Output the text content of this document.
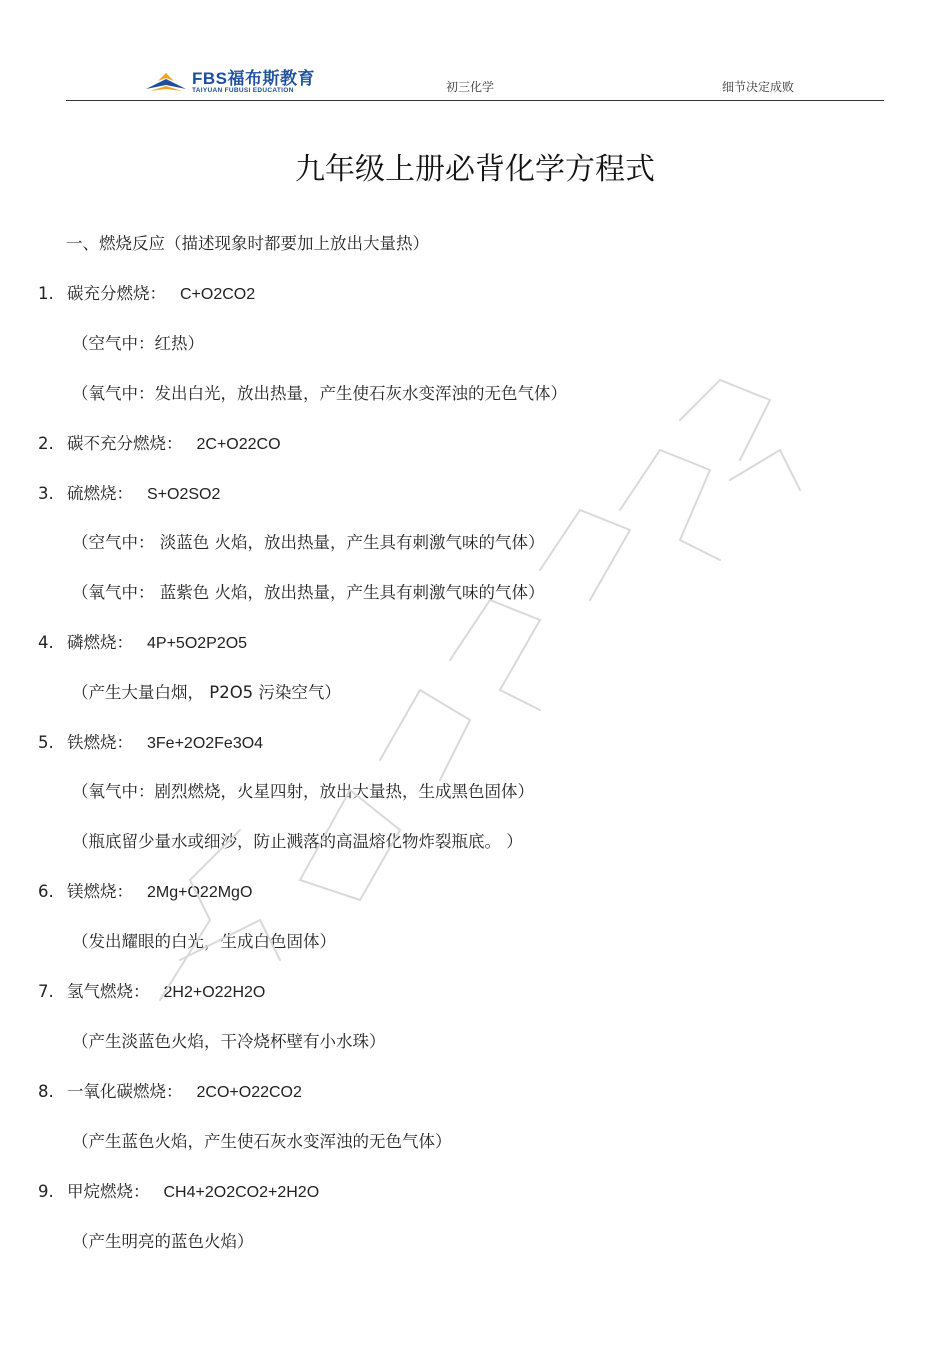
FBS福布斯教育
TAIYUAN FUBUSI EDUCATION	初三化学	细节决定成败
九年级上册必背化学方程式
一、燃烧反应（描述现象时都要加上放出大量热）
1. 碳充分燃烧： C+O2CO2
（空气中：红热）
（氧气中：发出白光，放出热量，产生使石灰水变浑浊的无色气体）
2. 碳不充分燃烧： 2C+O22CO
3. 硫燃烧： S+O2SO2
（空气中： 淡蓝色 火焰，放出热量，产生具有刺激气味的气体）
（氧气中： 蓝紫色 火焰，放出热量，产生具有刺激气味的气体）
4. 磷燃烧： 4P+5O2P2O5
（产生大量白烟， P2O5 污染空气）
5. 铁燃烧： 3Fe+2O2Fe3O4
（氧气中：剧烈燃烧，火星四射，放出大量热，生成黑色固体）
（瓶底留少量水或细沙，防止溅落的高温熔化物炸裂瓶底。 ）
6. 镁燃烧： 2Mg+O22MgO
（发出耀眼的白光，生成白色固体）
7. 氢气燃烧： 2H2+O22H2O
（产生淡蓝色火焰，干冷烧杯壁有小水珠）
8. 一氧化碳燃烧： 2CO+O22CO2
（产生蓝色火焰，产生使石灰水变浑浊的无色气体）
9. 甲烷燃烧： CH4+2O2CO2+2H2O
（产生明亮的蓝色火焰）
